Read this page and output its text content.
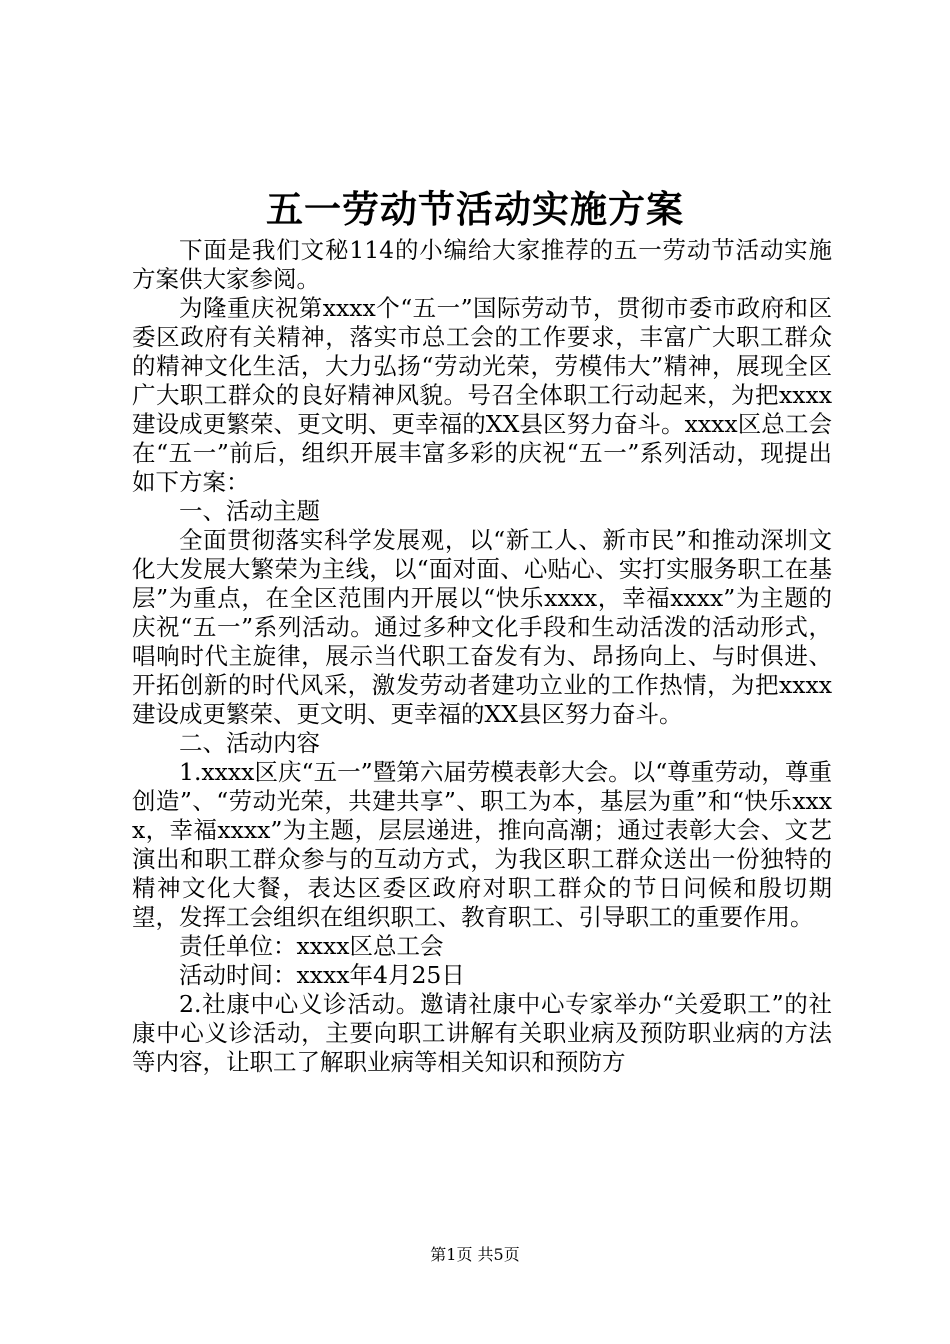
五一劳动节活动实施方案

下面是我们文秘114的小编给大家推荐的五一劳动节活动实施方案供大家参阅。

为隆重庆祝第xxxx个“五一”国际劳动节，贯彻市委市政府和区委区政府有关精神，落实市总工会的工作要求，丰富广大职工群众的精神文化生活，大力弘扬“劳动光荣，劳模伟大”精神，展现全区广大职工群众的良好精神风貌。号召全体职工行动起来，为把xxxx建设成更繁荣、更文明、更幸福的XX县区努力奋斗。xxxx区总工会在“五一”前后，组织开展丰富多彩的庆祝“五一”系列活动，现提出如下方案：

一、活动主题

全面贯彻落实科学发展观，以“新工人、新市民”和推动深圳文化大发展大繁荣为主线，以“面对面、心贴心、实打实服务职工在基层”为重点，在全区范围内开展以“快乐xxxx，幸福xxxx”为主题的庆祝“五一”系列活动。通过多种文化手段和生动活泼的活动形式，唱响时代主旋律，展示当代职工奋发有为、昂扬向上、与时俱进、开拓创新的时代风采，激发劳动者建功立业的工作热情，为把xxxx建设成更繁荣、更文明、更幸福的XX县区努力奋斗。

二、活动内容

1.xxxx区庆“五一”暨第六届劳模表彰大会。以“尊重劳动，尊重创造”、“劳动光荣，共建共享”、职工为本，基层为重”和“快乐xxxx，幸福xxxx”为主题，层层递进，推向高潮；通过表彰大会、文艺演出和职工群众参与的互动方式，为我区职工群众送出一份独特的精神文化大餐，表达区委区政府对职工群众的节日问候和殷切期望，发挥工会组织在组织职工、教育职工、引导职工的重要作用。

责任单位：xxxx区总工会

活动时间：xxxx年4月25日

2.社康中心义诊活动。邀请社康中心专家举办“关爱职工”的社康中心义诊活动，主要向职工讲解有关职业病及预防职业病的方法等内容，让职工了解职业病等相关知识和预防方

第1页 共5页
